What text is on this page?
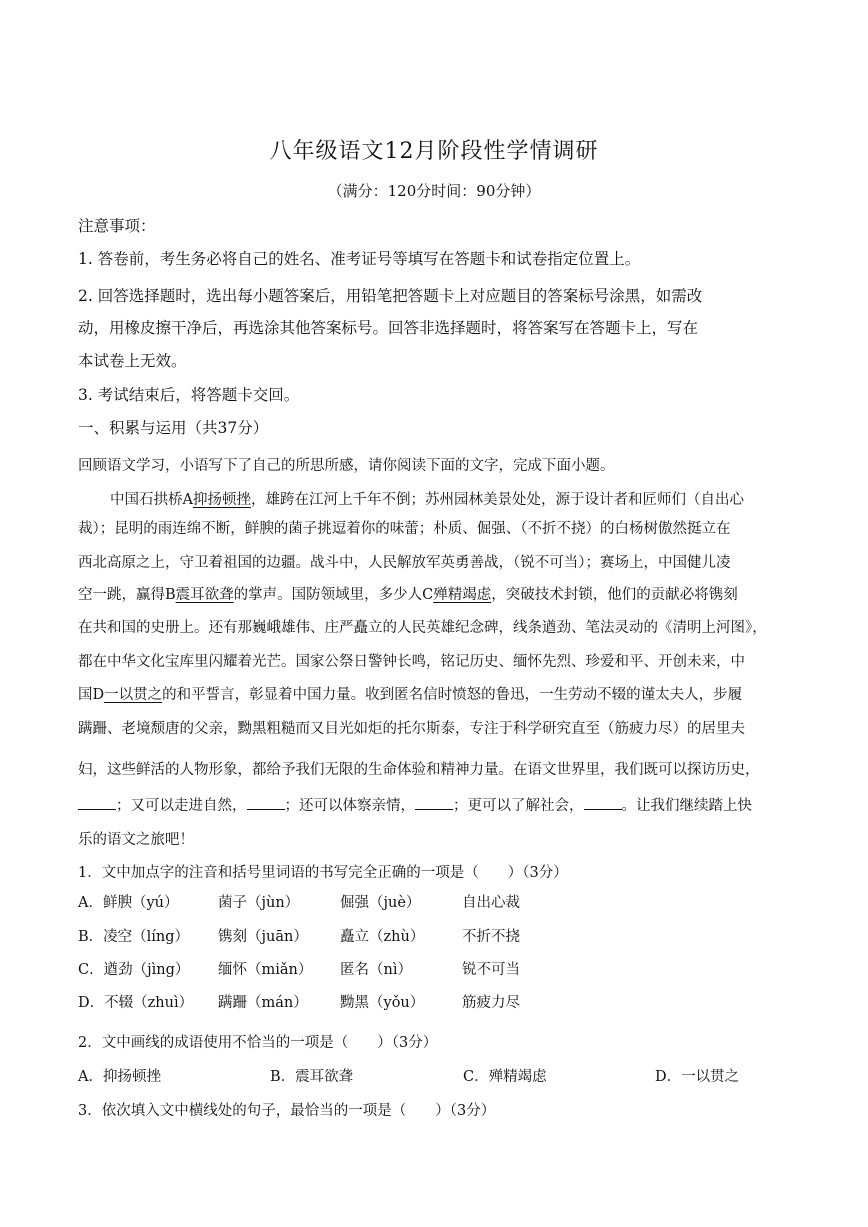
八年级语文12月阶段性学情调研
（满分：120分时间：90分钟）
注意事项：
1. 答卷前，考生务必将自己的姓名、准考证号等填写在答题卡和试卷指定位置上。
2. 回答选择题时，选出每小题答案后，用铅笔把答题卡上对应题目的答案标号涂黑，如需改
动，用橡皮擦干净后，再选涂其他答案标号。回答非选择题时，将答案写在答题卡上，写在
本试卷上无效。
3. 考试结束后，将答题卡交回。
一、积累与运用（共37分）
回顾语文学习，小语写下了自己的所思所感，请你阅读下面的文字，完成下面小题。
中国石拱桥A抑扬顿挫，雄跨在江河上千年不倒；苏州园林美景处处，源于设计者和匠师们（自出心
裁）；昆明的雨连绵不断，鲜腴的菌子挑逗着你的味蕾；朴质、倔强、（不折不挠）的白杨树傲然挺立在
西北高原之上，守卫着祖国的边疆。战斗中，人民解放军英勇善战，（锐不可当）；赛场上，中国健儿凌
空一跳，赢得B震耳欲聋的掌声。国防领域里，多少人C殚精竭虑，突破技术封锁，他们的贡献必将镌刻
在共和国的史册上。还有那巍峨雄伟、庄严矗立的人民英雄纪念碑，线条遒劲、笔法灵动的《清明上河图》，
都在中华文化宝库里闪耀着光芒。国家公祭日警钟长鸣，铭记历史、缅怀先烈、珍爱和平、开创未来，中
国D一以贯之的和平誓言，彰显着中国力量。收到匿名信时愤怒的鲁迅，一生劳动不辍的谨太夫人，步履
蹒跚、老境颓唐的父亲，黝黑粗糙而又目光如炬的托尔斯泰，专注于科学研究直至（筋疲力尽）的居里夫
妇，这些鲜活的人物形象，都给予我们无限的生命体验和精神力量。在语文世界里，我们既可以探访历史，
；又可以走进自然，	；还可以体察亲情，	；更可以了解社会，	。让我们继续踏上快
乐的语文之旅吧！
1．文中加点字的注音和括号里词语的书写完全正确的一项是（　　）（3分）
A．鲜腴（yú）	菌子（jùn）	倔强（juè）	自出心裁
B．凌空（líng） 镌刻（juān） 矗立（zhù）	不折不挠
C．遒劲（jìng） 缅怀（miǎn） 匿名（nì）	锐不可当
D．不辍（zhuì） 蹒跚（mán） 黝黑（yǒu）	筋疲力尽
2．文中画线的成语使用不恰当的一项是（　　）（3分）
A．抑扬顿挫	B．震耳欲聋	C．殚精竭虑	D．一以贯之
3．依次填入文中横线处的句子，最恰当的一项是（　　）（3分）
